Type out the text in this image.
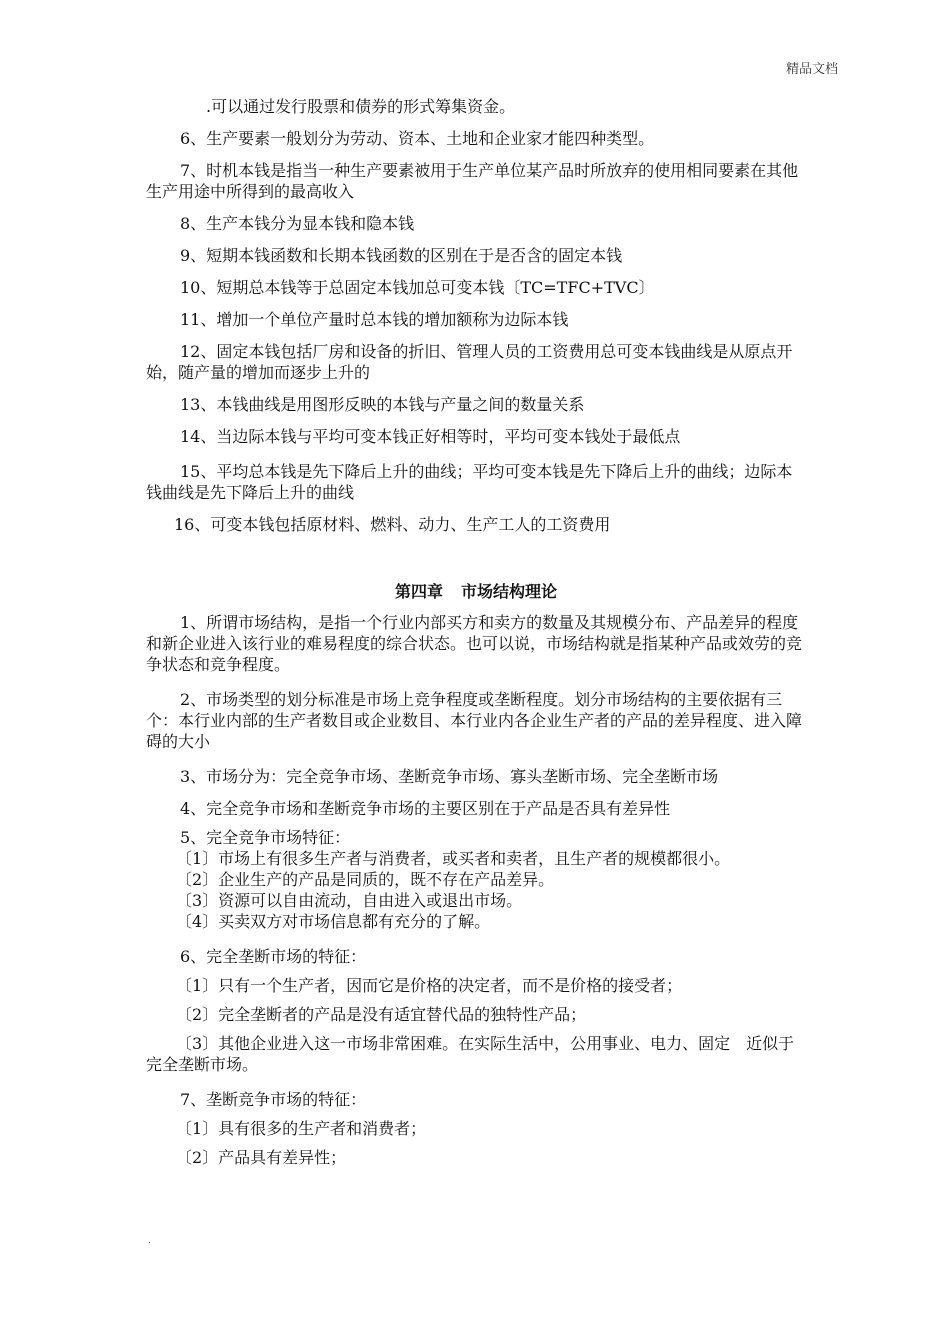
精品文档

.可以通过发行股票和债券的形式筹集资金。

6、生产要素一般划分为劳动、资本、土地和企业家才能四种类型。

7、时机本钱是指当一种生产要素被用于生产单位某产品时所放弃的使用相同要素在其他生产用途中所得到的最高收入

8、生产本钱分为显本钱和隐本钱

9、短期本钱函数和长期本钱函数的区别在于是否含的固定本钱

10、短期总本钱等于总固定本钱加总可变本钱〔TC=TFC+TVC〕

11、增加一个单位产量时总本钱的增加额称为边际本钱

12、固定本钱包括厂房和设备的折旧、管理人员的工资费用总可变本钱曲线是从原点开始，随产量的增加而逐步上升的

13、本钱曲线是用图形反映的本钱与产量之间的数量关系

14、当边际本钱与平均可变本钱正好相等时，平均可变本钱处于最低点

15、平均总本钱是先下降后上升的曲线；平均可变本钱是先下降后上升的曲线；边际本钱曲线是先下降后上升的曲线

16、可变本钱包括原材料、燃料、动力、生产工人的工资费用

第四章 市场结构理论

1、所谓市场结构，是指一个行业内部买方和卖方的数量及其规模分布、产品差异的程度和新企业进入该行业的难易程度的综合状态。也可以说，市场结构就是指某种产品或效劳的竞争状态和竞争程度。

2、市场类型的划分标准是市场上竞争程度或垄断程度。划分市场结构的主要依据有三个：本行业内部的生产者数目或企业数目、本行业内各企业生产者的产品的差异程度、进入障碍的大小

3、市场分为：完全竞争市场、垄断竞争市场、寡头垄断市场、完全垄断市场

4、完全竞争市场和垄断竞争市场的主要区别在于产品是否具有差异性

5、完全竞争市场特征：

〔1〕市场上有很多生产者与消费者，或买者和卖者，且生产者的规模都很小。

〔2〕企业生产的产品是同质的，既不存在产品差异。

〔3〕资源可以自由流动，自由进入或退出市场。

〔4〕买卖双方对市场信息都有充分的了解。

6、完全垄断市场的特征：

〔1〕只有一个生产者，因而它是价格的决定者，而不是价格的接受者；

〔2〕完全垄断者的产品是没有适宜替代品的独特性产品；

〔3〕其他企业进入这一市场非常困难。在实际生活中，公用事业、电力、固定　近似于完全垄断市场。

7、垄断竞争市场的特征：

〔1〕具有很多的生产者和消费者；

〔2〕产品具有差异性；

.
